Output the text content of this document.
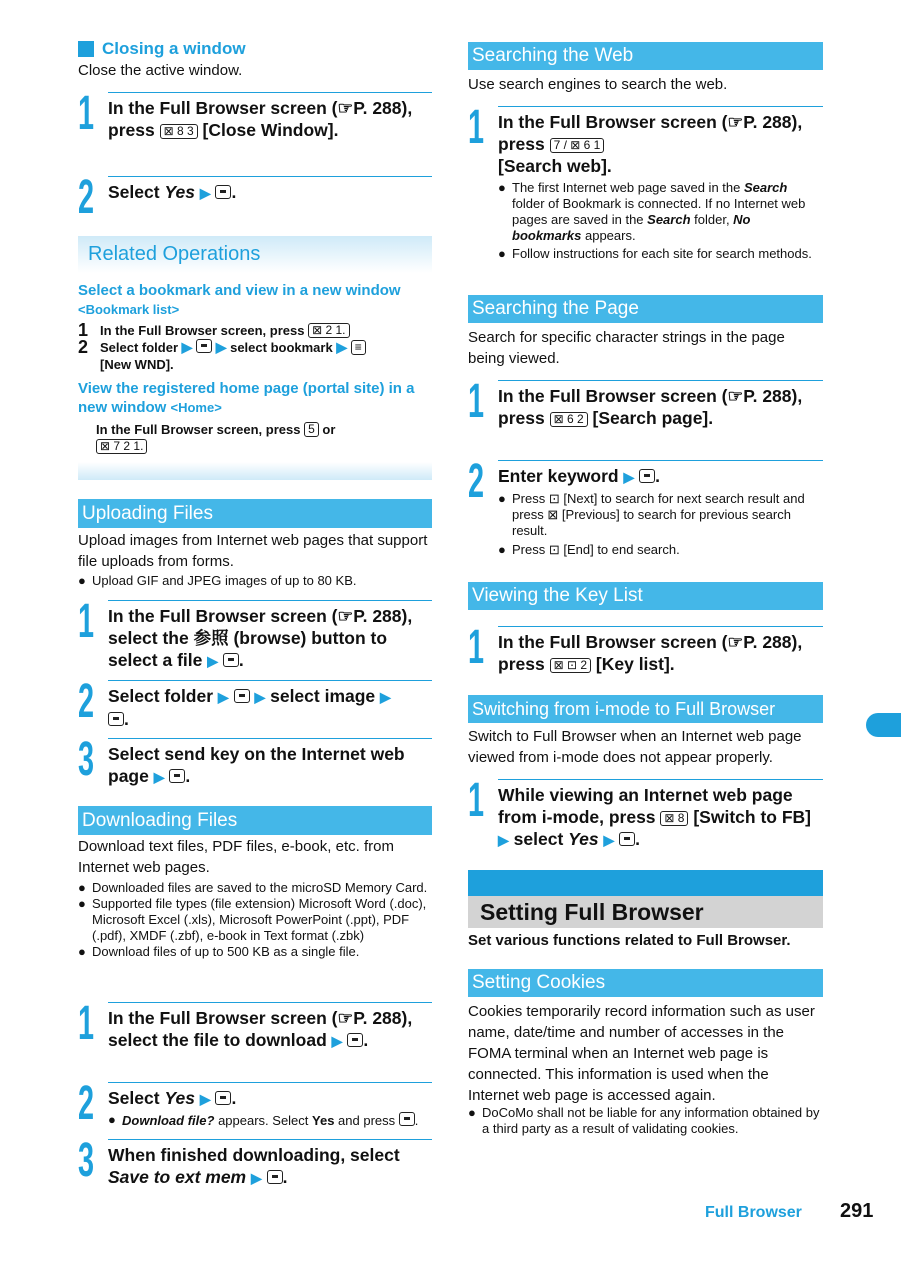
Closing a window
Close the active window.
1 In the Full Browser screen (☞P. 288), press ⊠ 8 3 [Close Window].
2 Select Yes ▶ .
Related Operations
Select a bookmark and view in a new window
<Bookmark list>
1 In the Full Browser screen, press ⊠ 2 1.
2 Select folder ▶ ▶ select bookmark ▶ ≡
[New WND].
View the registered home page (portal site) in a new window <Home>
In the Full Browser screen, press 5 or
⊠ 7 2 1.
Uploading Files
Upload images from Internet web pages that support file uploads from forms.
● Upload GIF and JPEG images of up to 80 KB.
1 In the Full Browser screen (☞P. 288), select the 参照 (browse) button to select a file ▶ .
2 Select folder ▶ ▶ select image ▶
.
3 Select send key on the Internet web page ▶ .
Downloading Files
Download text files, PDF files, e-book, etc. from Internet web pages.
● Downloaded files are saved to the microSD Memory Card.
● Supported file types (file extension) Microsoft Word (.doc), Microsoft Excel (.xls), Microsoft PowerPoint (.ppt), PDF (.pdf), XMDF (.zbf), e-book in Text format (.zbk)
● Download files of up to 500 KB as a single file.
1 In the Full Browser screen (☞P. 288), select the file to download ▶ .
2 Select Yes ▶ .
● Download file? appears. Select Yes and press .
3 When finished downloading, select
Save to ext mem ▶ .
Searching the Web
Use search engines to search the web.
1 In the Full Browser screen (☞P. 288), press 7 / ⊠ 6 1
[Search web].
● The first Internet web page saved in the Search folder of Bookmark is connected. If no Internet web pages are saved in the Search folder, No bookmarks appears.
● Follow instructions for each site for search methods.
Searching the Page
Search for specific character strings in the page being viewed.
1 In the Full Browser screen (☞P. 288), press ⊠ 6 2 [Search page].
2 Enter keyword ▶ .
● Press ⊡ [Next] to search for next search result and press ⊠ [Previous] to search for previous search result.
● Press ⊡ [End] to end search.
Viewing the Key List
1 In the Full Browser screen (☞P. 288), press ⊠ ⊡ 2 [Key list].
Switching from i-mode to Full Browser
Switch to Full Browser when an Internet web page viewed from i-mode does not appear properly.
1 While viewing an Internet web page from i-mode, press ⊠ 8 [Switch to FB] ▶ select Yes ▶ .
Setting Full Browser
Set various functions related to Full Browser.
Setting Cookies
Cookies temporarily record information such as user name, date/time and number of accesses in the FOMA terminal when an Internet web page is connected. This information is used when the Internet web page is accessed again.
● DoCoMo shall not be liable for any information obtained by a third party as a result of validating cookies.
Full Browser 291
